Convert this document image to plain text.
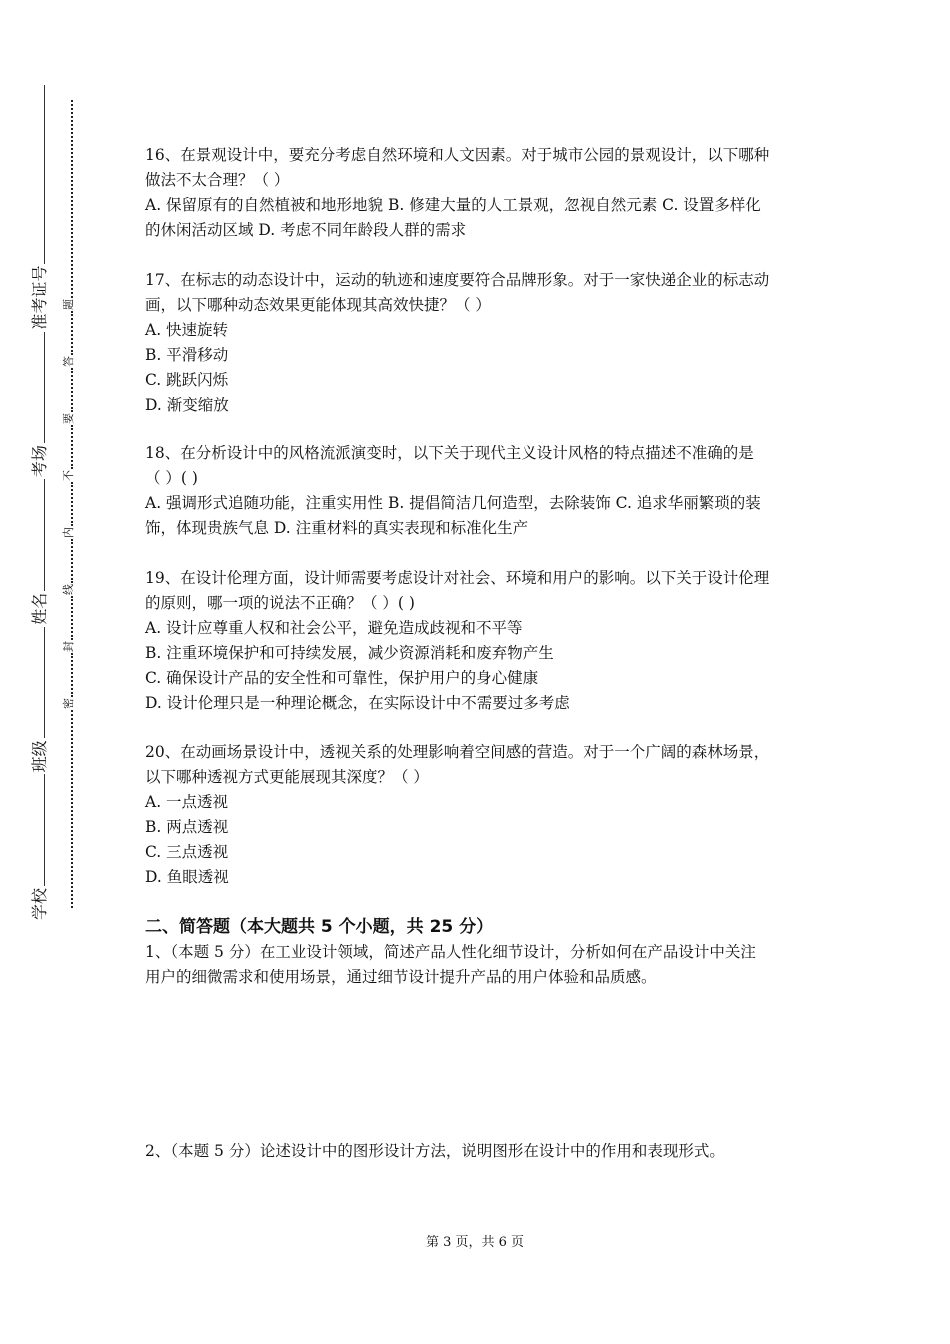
学校
班级
姓名
考场
准考证号
密
封
线
内
不
要
答
题
16、在景观设计中，要充分考虑自然环境和人文因素。对于城市公园的景观设计，以下哪种
做法不太合理？（ ）
A. 保留原有的自然植被和地形地貌 B. 修建大量的人工景观，忽视自然元素 C. 设置多样化
的休闲活动区域 D. 考虑不同年龄段人群的需求
17、在标志的动态设计中，运动的轨迹和速度要符合品牌形象。对于一家快递企业的标志动
画，以下哪种动态效果更能体现其高效快捷？（ ）
A. 快速旋转
B. 平滑移动
C. 跳跃闪烁
D. 渐变缩放
18、在分析设计中的风格流派演变时，以下关于现代主义设计风格的特点描述不准确的是
（ ）( )
A. 强调形式追随功能，注重实用性 B. 提倡简洁几何造型，去除装饰 C. 追求华丽繁琐的装
饰，体现贵族气息 D. 注重材料的真实表现和标准化生产
19、在设计伦理方面，设计师需要考虑设计对社会、环境和用户的影响。以下关于设计伦理
的原则，哪一项的说法不正确？（ ）( )
A. 设计应尊重人权和社会公平，避免造成歧视和不平等
B. 注重环境保护和可持续发展，减少资源消耗和废弃物产生
C. 确保设计产品的安全性和可靠性，保护用户的身心健康
D. 设计伦理只是一种理论概念，在实际设计中不需要过多考虑
20、在动画场景设计中，透视关系的处理影响着空间感的营造。对于一个广阔的森林场景，
以下哪种透视方式更能展现其深度？（ ）
A. 一点透视
B. 两点透视
C. 三点透视
D. 鱼眼透视
二、简答题（本大题共 5 个小题，共 25 分）
1、（本题 5 分）在工业设计领域，简述产品人性化细节设计，分析如何在产品设计中关注
用户的细微需求和使用场景，通过细节设计提升产品的用户体验和品质感。
2、（本题 5 分）论述设计中的图形设计方法，说明图形在设计中的作用和表现形式。
第 3 页，共 6 页
